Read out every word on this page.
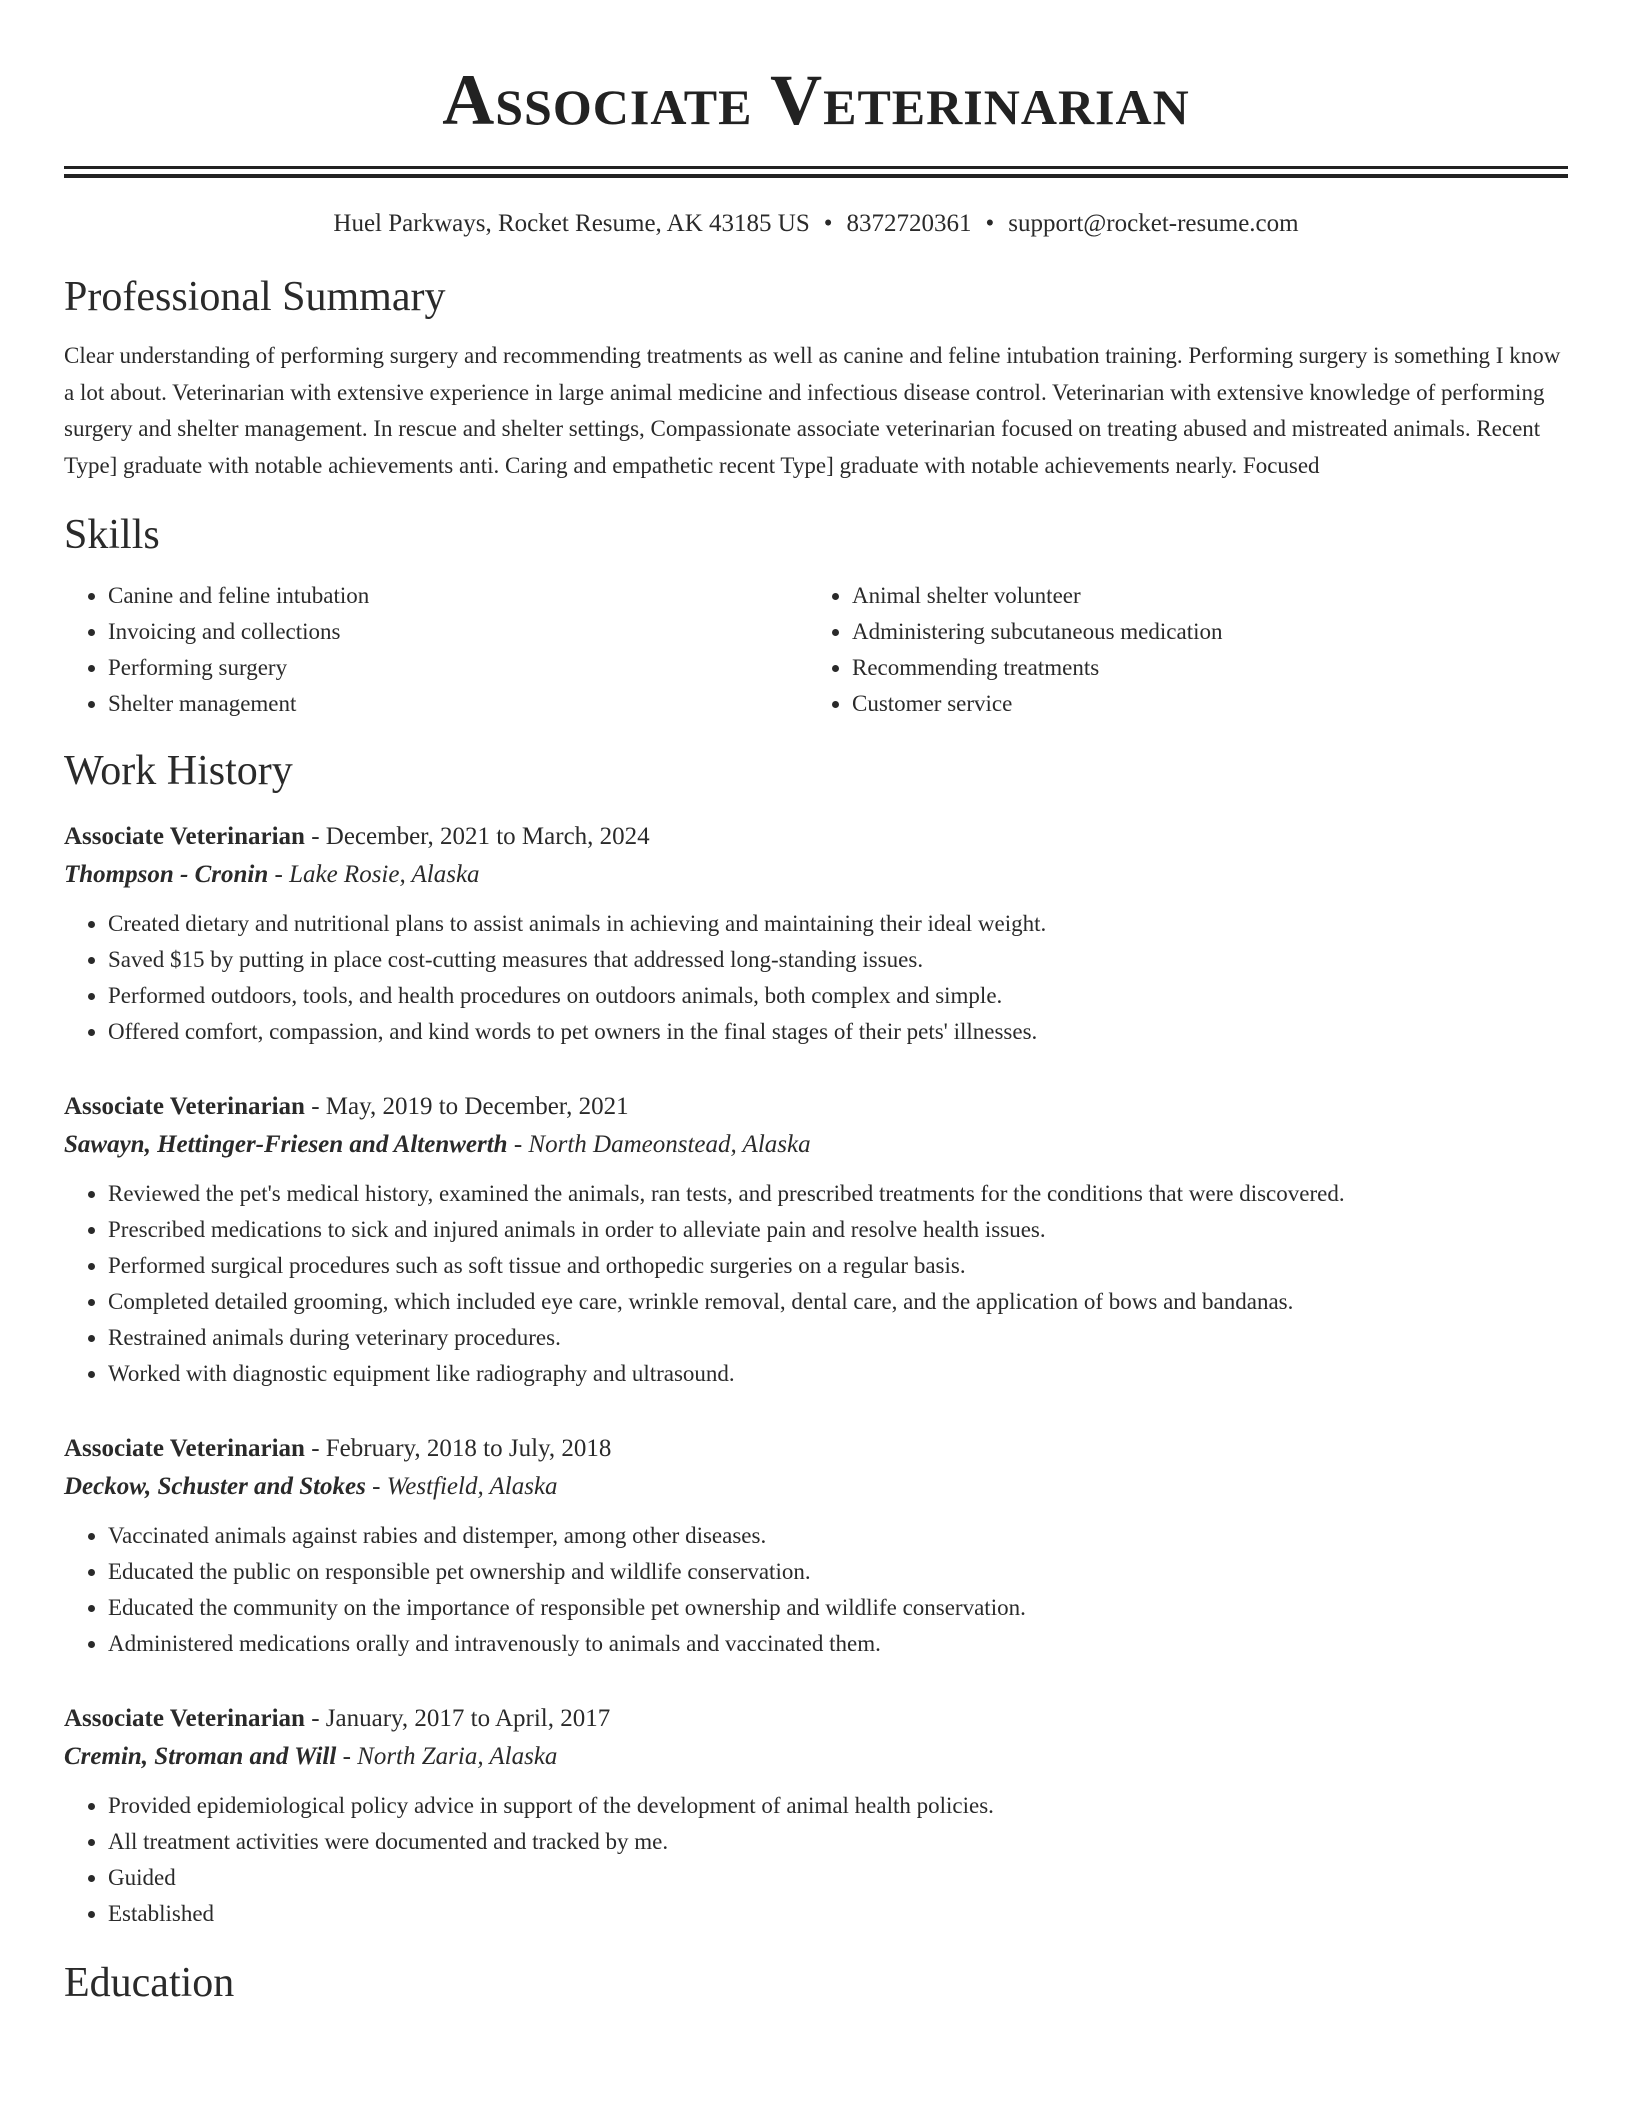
Associate Veterinarian
Huel Parkways, Rocket Resume, AK 43185 US • 8372720361 • support@rocket-resume.com
Professional Summary

Clear understanding of performing surgery and recommending treatments as well as canine and feline intubation training. Performing surgery is something I know a lot about. Veterinarian with extensive experience in large animal medicine and infectious disease control. Veterinarian with extensive knowledge of performing surgery and shelter management. In rescue and shelter settings, Compassionate associate veterinarian focused on treating abused and mistreated animals. Recent Type] graduate with notable achievements anti. Caring and empathetic recent Type] graduate with notable achievements nearly. Focused

Skills
• Canine and feline intubation
• Invoicing and collections
• Performing surgery
• Shelter management
• Animal shelter volunteer
• Administering subcutaneous medication
• Recommending treatments
• Customer service
Work History
Associate Veterinarian - December, 2021 to March, 2024
Thompson - Cronin - Lake Rosie, Alaska
• Created dietary and nutritional plans to assist animals in achieving and maintaining their ideal weight.
• Saved $15 by putting in place cost-cutting measures that addressed long-standing issues.
• Performed outdoors, tools, and health procedures on outdoors animals, both complex and simple.
• Offered comfort, compassion, and kind words to pet owners in the final stages of their pets' illnesses.
Associate Veterinarian - May, 2019 to December, 2021
Sawayn, Hettinger-Friesen and Altenwerth - North Dameonstead, Alaska
• Reviewed the pet's medical history, examined the animals, ran tests, and prescribed treatments for the conditions that were discovered.
• Prescribed medications to sick and injured animals in order to alleviate pain and resolve health issues.
• Performed surgical procedures such as soft tissue and orthopedic surgeries on a regular basis.
• Completed detailed grooming, which included eye care, wrinkle removal, dental care, and the application of bows and bandanas.
• Restrained animals during veterinary procedures.
• Worked with diagnostic equipment like radiography and ultrasound.
Associate Veterinarian - February, 2018 to July, 2018
Deckow, Schuster and Stokes - Westfield, Alaska
• Vaccinated animals against rabies and distemper, among other diseases.
• Educated the public on responsible pet ownership and wildlife conservation.
• Educated the community on the importance of responsible pet ownership and wildlife conservation.
• Administered medications orally and intravenously to animals and vaccinated them.
Associate Veterinarian - January, 2017 to April, 2017
Cremin, Stroman and Will - North Zaria, Alaska
• Provided epidemiological policy advice in support of the development of animal health policies.
• All treatment activities were documented and tracked by me.
• Guided
• Established
Education
